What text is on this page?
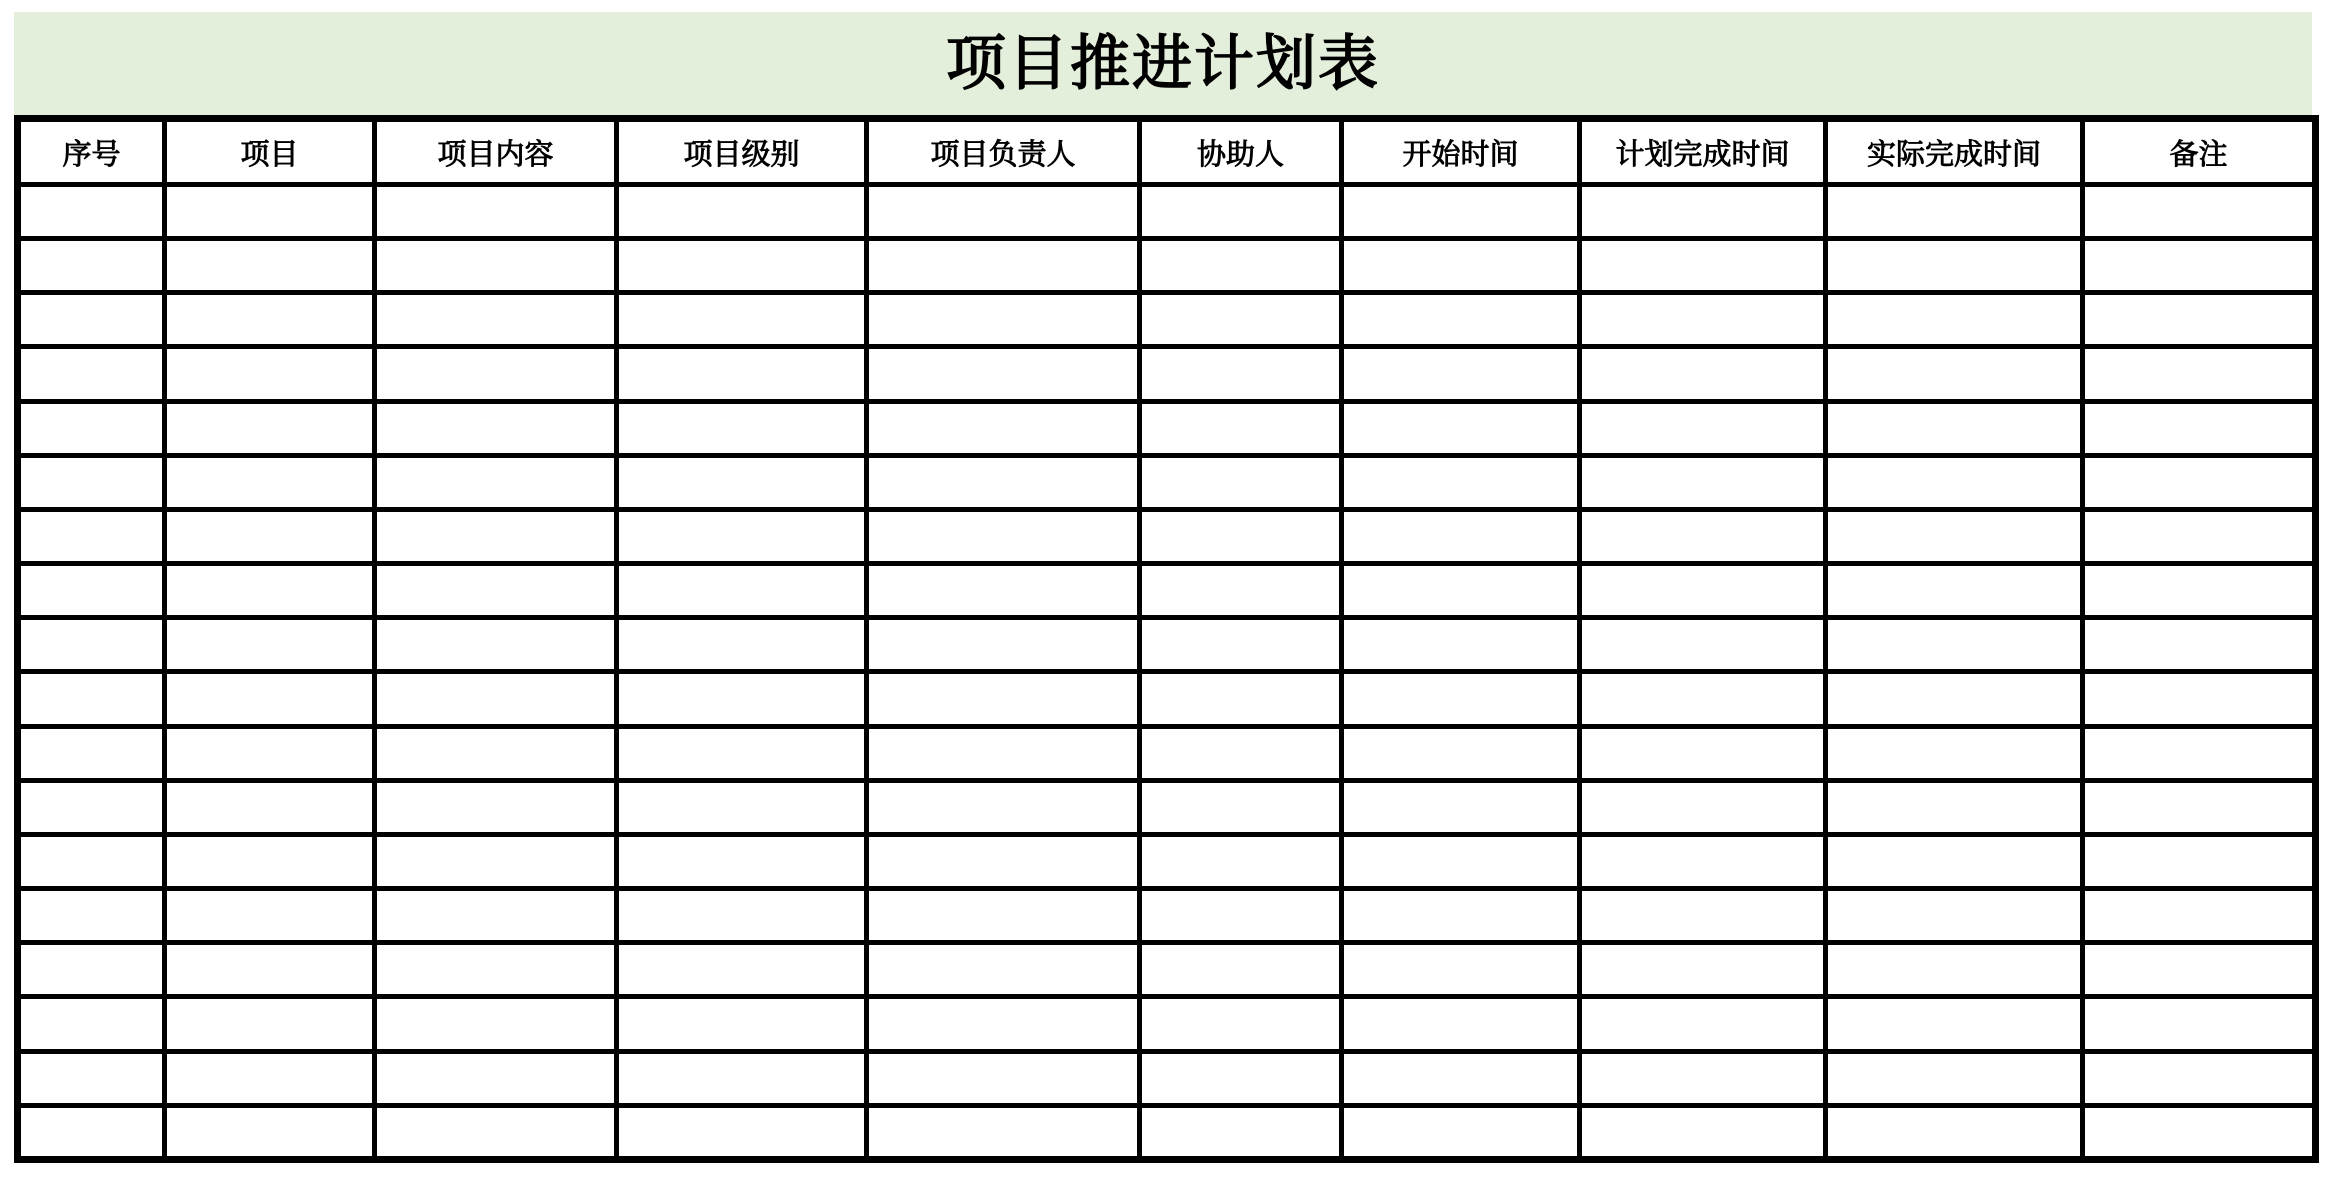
项目推进计划表
序号	项目	项目内容	项目级别	项目负责人	协助人	开始时间	计划完成时间	实际完成时间	备注
